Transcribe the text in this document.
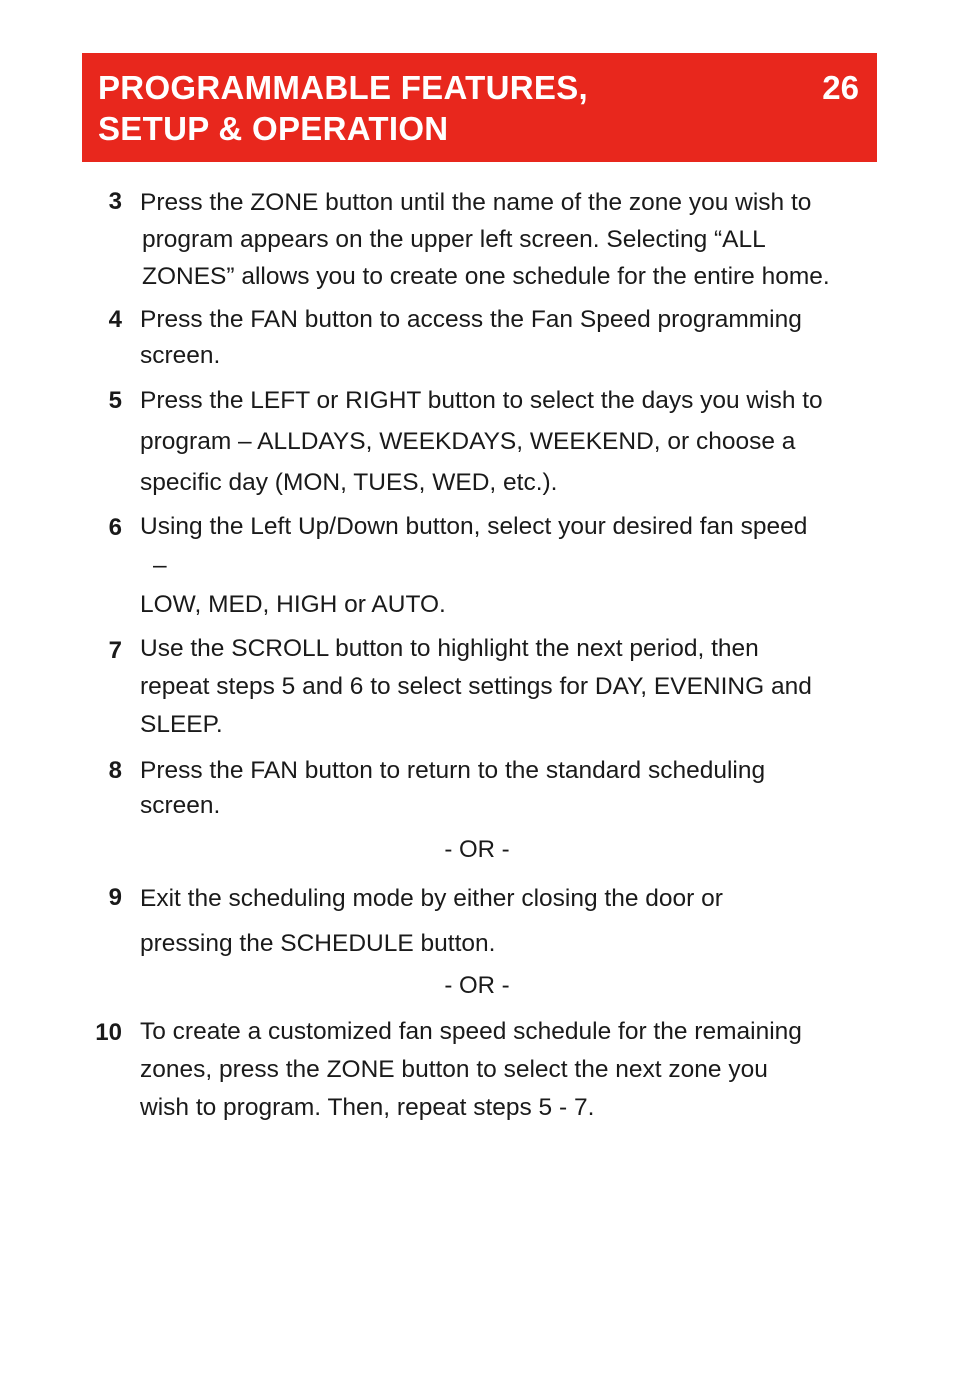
PROGRAMMABLE FEATURES,
SETUP & OPERATION
26
3 Press the ZONE button until the name of the zone you wish to
program appears on the upper left screen. Selecting “ALL
ZONES” allows you to create one schedule for the entire home.
4 Press the FAN button to access the Fan Speed programming
screen.
5 Press the LEFT or RIGHT button to select the days you wish to
program – ALLDAYS, WEEKDAYS, WEEKEND, or choose a
specific day (MON, TUES, WED, etc.).
6 Using the Left Up/Down button, select your desired fan speed
–
LOW, MED, HIGH or AUTO.
7 Use the SCROLL button to highlight the next period, then
repeat steps 5 and 6 to select settings for DAY, EVENING and
SLEEP.
8 Press the FAN button to return to the standard scheduling
screen.
- OR -
9 Exit the scheduling mode by either closing the door or
pressing the SCHEDULE button.
- OR -
10 To create a customized fan speed schedule for the remaining
zones, press the ZONE button to select the next zone you
wish to program. Then, repeat steps 5 - 7.
